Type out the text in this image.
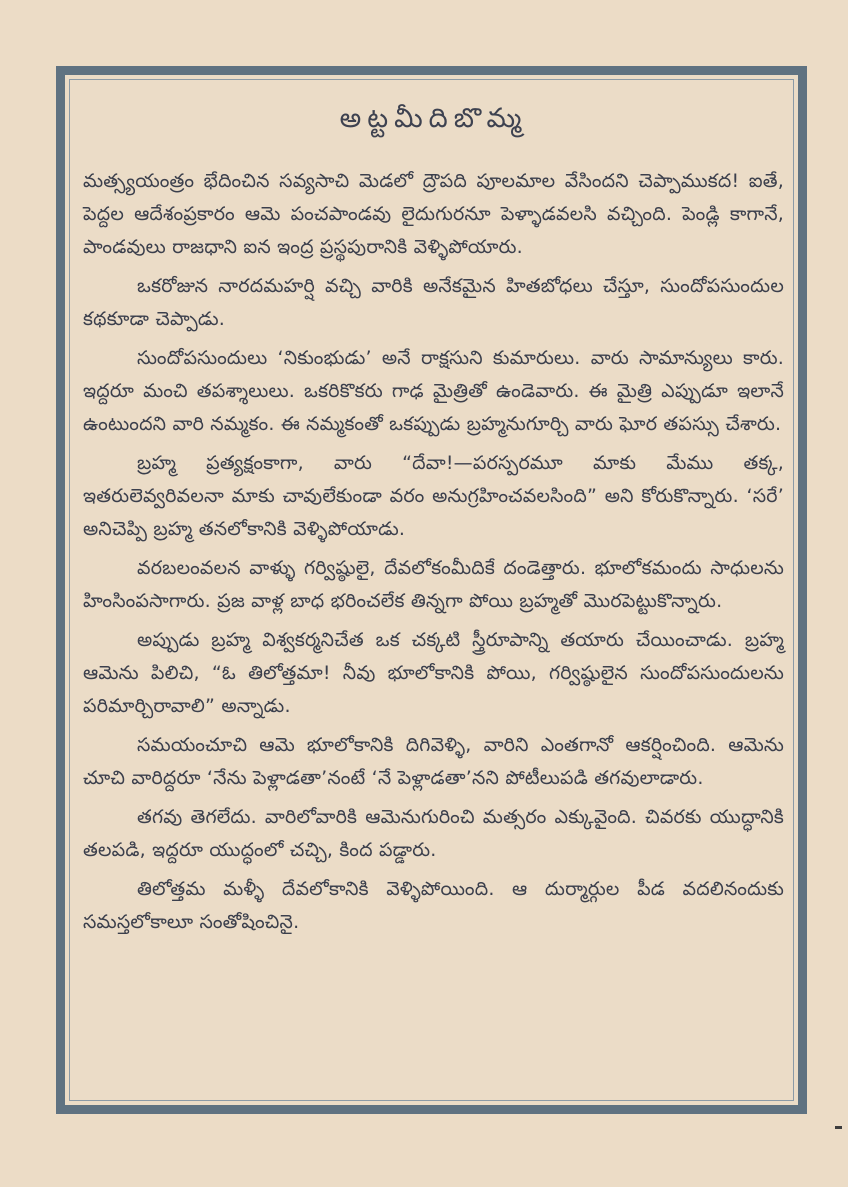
అట్టమీదిబొమ్మ

మత్స్యయంత్రం భేదించిన సవ్యసాచి మెడలో ద్రౌపది పూలమాల వేసిందని చెప్పాముకద! ఐతే, పెద్దల ఆదేశంప్రకారం ఆమె పంచపాండవు లైదుగురనూ పెళ్ళాడవలసి వచ్చింది. పెండ్లి కాగానే, పాండవులు రాజధాని ఐన ఇంద్ర ప్రస్థపురానికి వెళ్ళిపోయారు.

ఒకరోజున నారదమహర్షి వచ్చి వారికి అనేకమైన హితబోధలు చేస్తూ, సుందోపసుందుల కథకూడా చెప్పాడు.

సుందోపసుందులు ‘నికుంభుడు’ అనే రాక్షసుని కుమారులు. వారు సామాన్యులు కారు. ఇద్దరూ మంచి తపశ్శాలులు. ఒకరికొకరు గాఢ మైత్రితో ఉండెవారు. ఈ మైత్రి ఎప్పుడూ ఇలానే ఉంటుందని వారి నమ్మకం. ఈ నమ్మకంతో ఒకప్పుడు బ్రహ్మనుగూర్చి వారు ఘోర తపస్సు చేశారు.

బ్రహ్మ ప్రత్యక్షంకాగా, వారు “దేవా!—పరస్పరమూ మాకు మేము తక్క, ఇతరులెవ్వరివలనా మాకు చావులేకుండా వరం అనుగ్రహించవలసింది” అని కోరుకొన్నారు. ‘సరే’ అనిచెప్పి బ్రహ్మ తనలోకానికి వెళ్ళిపోయాడు.

వరబలంవలన వాళ్ళు గర్విష్ఠులై, దేవలోకంమీదికే దండెత్తారు. భూలోకమందు సాధులను హింసింపసాగారు. ప్రజ వాళ్ల బాధ భరించలేక తిన్నగా పోయి బ్రహ్మతో మొరపెట్టుకొన్నారు.

అప్పుడు బ్రహ్మ విశ్వకర్మనిచేత ఒక చక్కటి స్త్రీరూపాన్ని తయారు చేయించాడు. బ్రహ్మ ఆమెను పిలిచి, “ఓ తిలోత్తమా! నీవు భూలోకానికి పోయి, గర్విష్ఠులైన సుందోపసుందులను పరిమార్చిరావాలి” అన్నాడు.

సమయంచూచి ఆమె భూలోకానికి దిగివెళ్ళి, వారిని ఎంతగానో ఆకర్షించింది. ఆమెను చూచి వారిద్దరూ ‘నేను పెళ్లాడతా’నంటే ‘నే పెళ్లాడతా’నని పోటీలుపడి తగవులాడారు.

తగవు తెగలేదు. వారిలోవారికి ఆమెనుగురించి మత్సరం ఎక్కువైంది. చివరకు యుద్ధానికి తలపడి, ఇద్దరూ యుద్ధంలో చచ్చి, కింద పడ్డారు.

తిలోత్తమ మళ్ళీ దేవలోకానికి వెళ్ళిపోయింది. ఆ దుర్మార్గుల పీడ వదలినందుకు సమస్తలోకాలూ సంతోషించినై.
